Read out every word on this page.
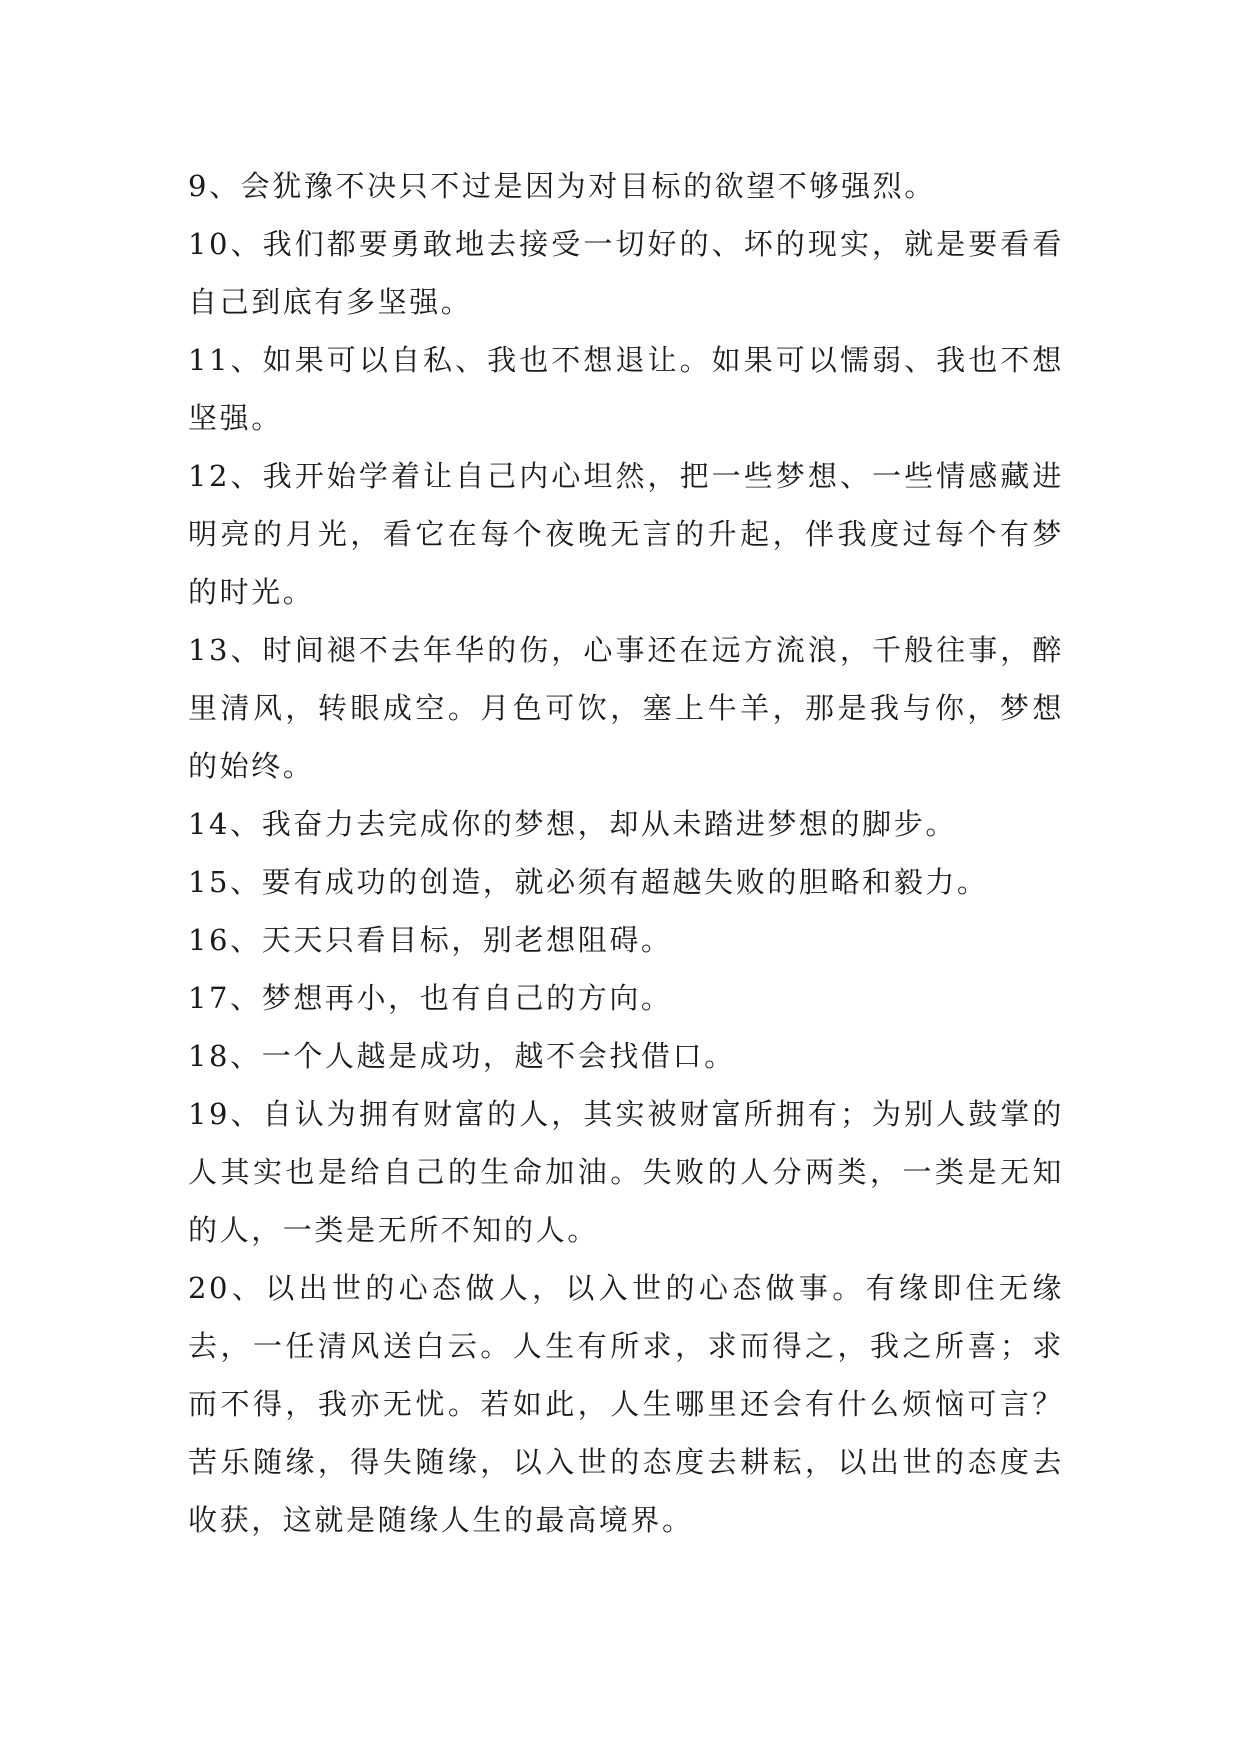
9、会犹豫不决只不过是因为对目标的欲望不够强烈。

10、我们都要勇敢地去接受一切好的、坏的现实，就是要看看自己到底有多坚强。

11、如果可以自私、我也不想退让。如果可以懦弱、我也不想坚强。

12、我开始学着让自己内心坦然，把一些梦想、一些情感藏进明亮的月光，看它在每个夜晚无言的升起，伴我度过每个有梦的时光。

13、时间褪不去年华的伤，心事还在远方流浪，千般往事，醉里清风，转眼成空。月色可饮，塞上牛羊，那是我与你，梦想的始终。

14、我奋力去完成你的梦想，却从未踏进梦想的脚步。

15、要有成功的创造，就必须有超越失败的胆略和毅力。

16、天天只看目标，别老想阻碍。

17、梦想再小，也有自己的方向。

18、一个人越是成功，越不会找借口。

19、自认为拥有财富的人，其实被财富所拥有；为别人鼓掌的人其实也是给自己的生命加油。失败的人分两类，一类是无知的人，一类是无所不知的人。

20、以出世的心态做人，以入世的心态做事。有缘即住无缘去，一任清风送白云。人生有所求，求而得之，我之所喜；求而不得，我亦无忧。若如此，人生哪里还会有什么烦恼可言？苦乐随缘，得失随缘，以入世的态度去耕耘，以出世的态度去收获，这就是随缘人生的最高境界。
